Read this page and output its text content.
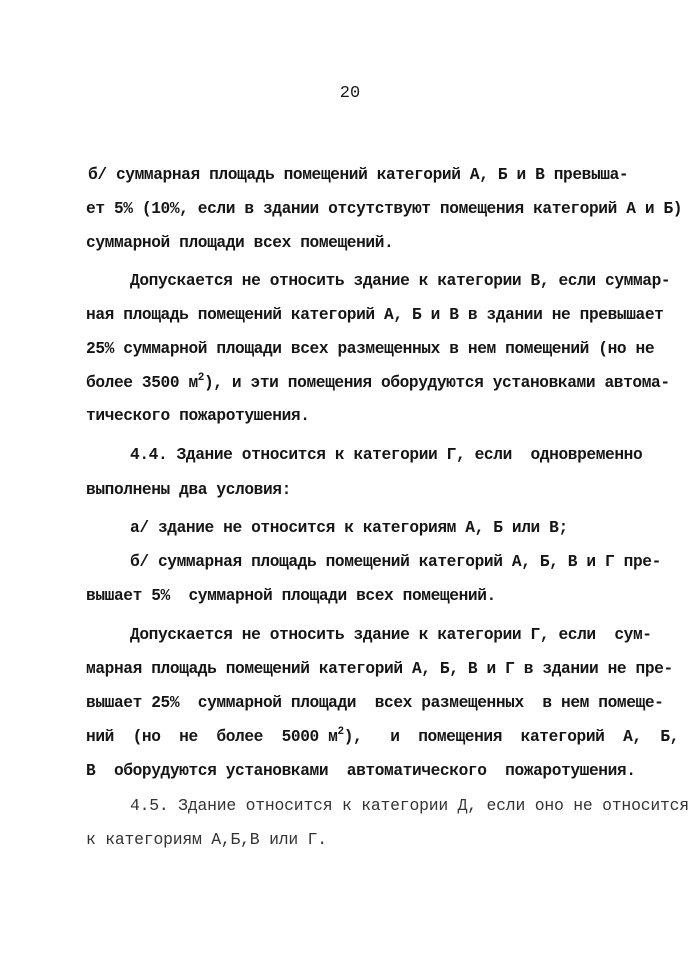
20
б/ суммарная площадь помещений категорий А, Б и В превыша-
ет 5% (10%, если в здании отсутствуют помещения категорий А и Б)
суммарной площади всех помещений.
Допускается не относить здание к категории В, если суммар-
ная площадь помещений категорий А, Б и В в здании не превышает
25% суммарной площади всех размещенных в нем помещений (но не
более 3500 $м^2$), и эти помещения оборудуются установками автома-
тического пожаротушения.
4.4. Здание относится к категории Г, если  одновременно
выполнены два условия:
а/ здание не относится к категориям А, Б или В;
б/ суммарная площадь помещений категорий А, Б, В и Г пре-
вышает 5%  суммарной площади всех помещений.
Допускается не относить здание к категории Г, если  сум-
марная площадь помещений категорий А, Б, В и Г в здании не пре-
вышает 25%  суммарной площади  всех размещенных  в нем помеще-
ний  (но  не  более  5000 $м^2$),   и  помещения  категорий  А,  Б,
В  оборудуются установками  автоматического  пожаротушения.
4.5. Здание относится к категории Д, если оно не относится
к категориям А,Б,В или Г.
